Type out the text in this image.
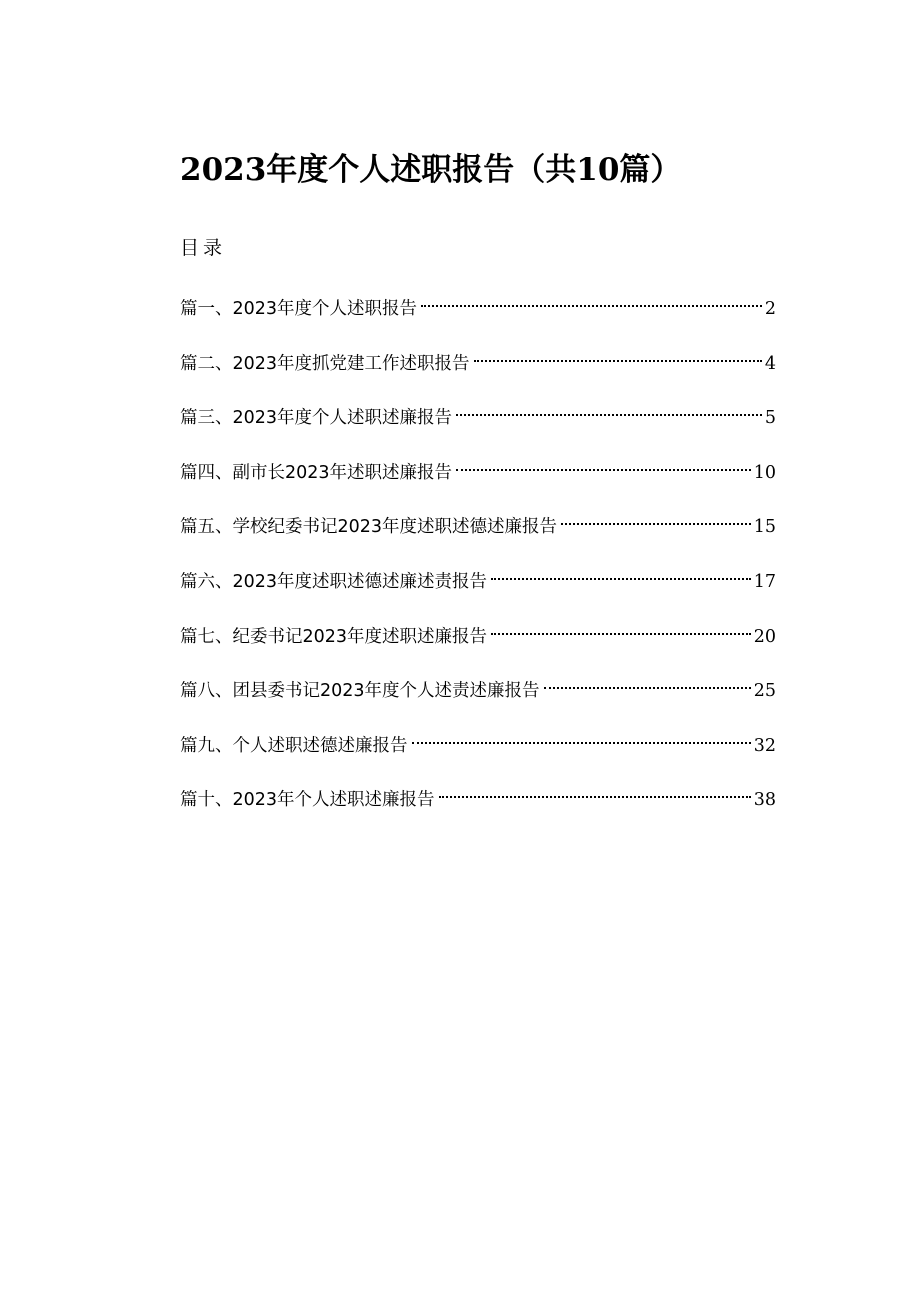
2023年度个人述职报告（共10篇）
目录
篇一、2023年度个人述职报告	2
篇二、2023年度抓党建工作述职报告	4
篇三、2023年度个人述职述廉报告	5
篇四、副市长2023年述职述廉报告	10
篇五、学校纪委书记2023年度述职述德述廉报告	15
篇六、2023年度述职述德述廉述责报告	17
篇七、纪委书记2023年度述职述廉报告	20
篇八、团县委书记2023年度个人述责述廉报告	25
篇九、个人述职述德述廉报告	32
篇十、2023年个人述职述廉报告	38
